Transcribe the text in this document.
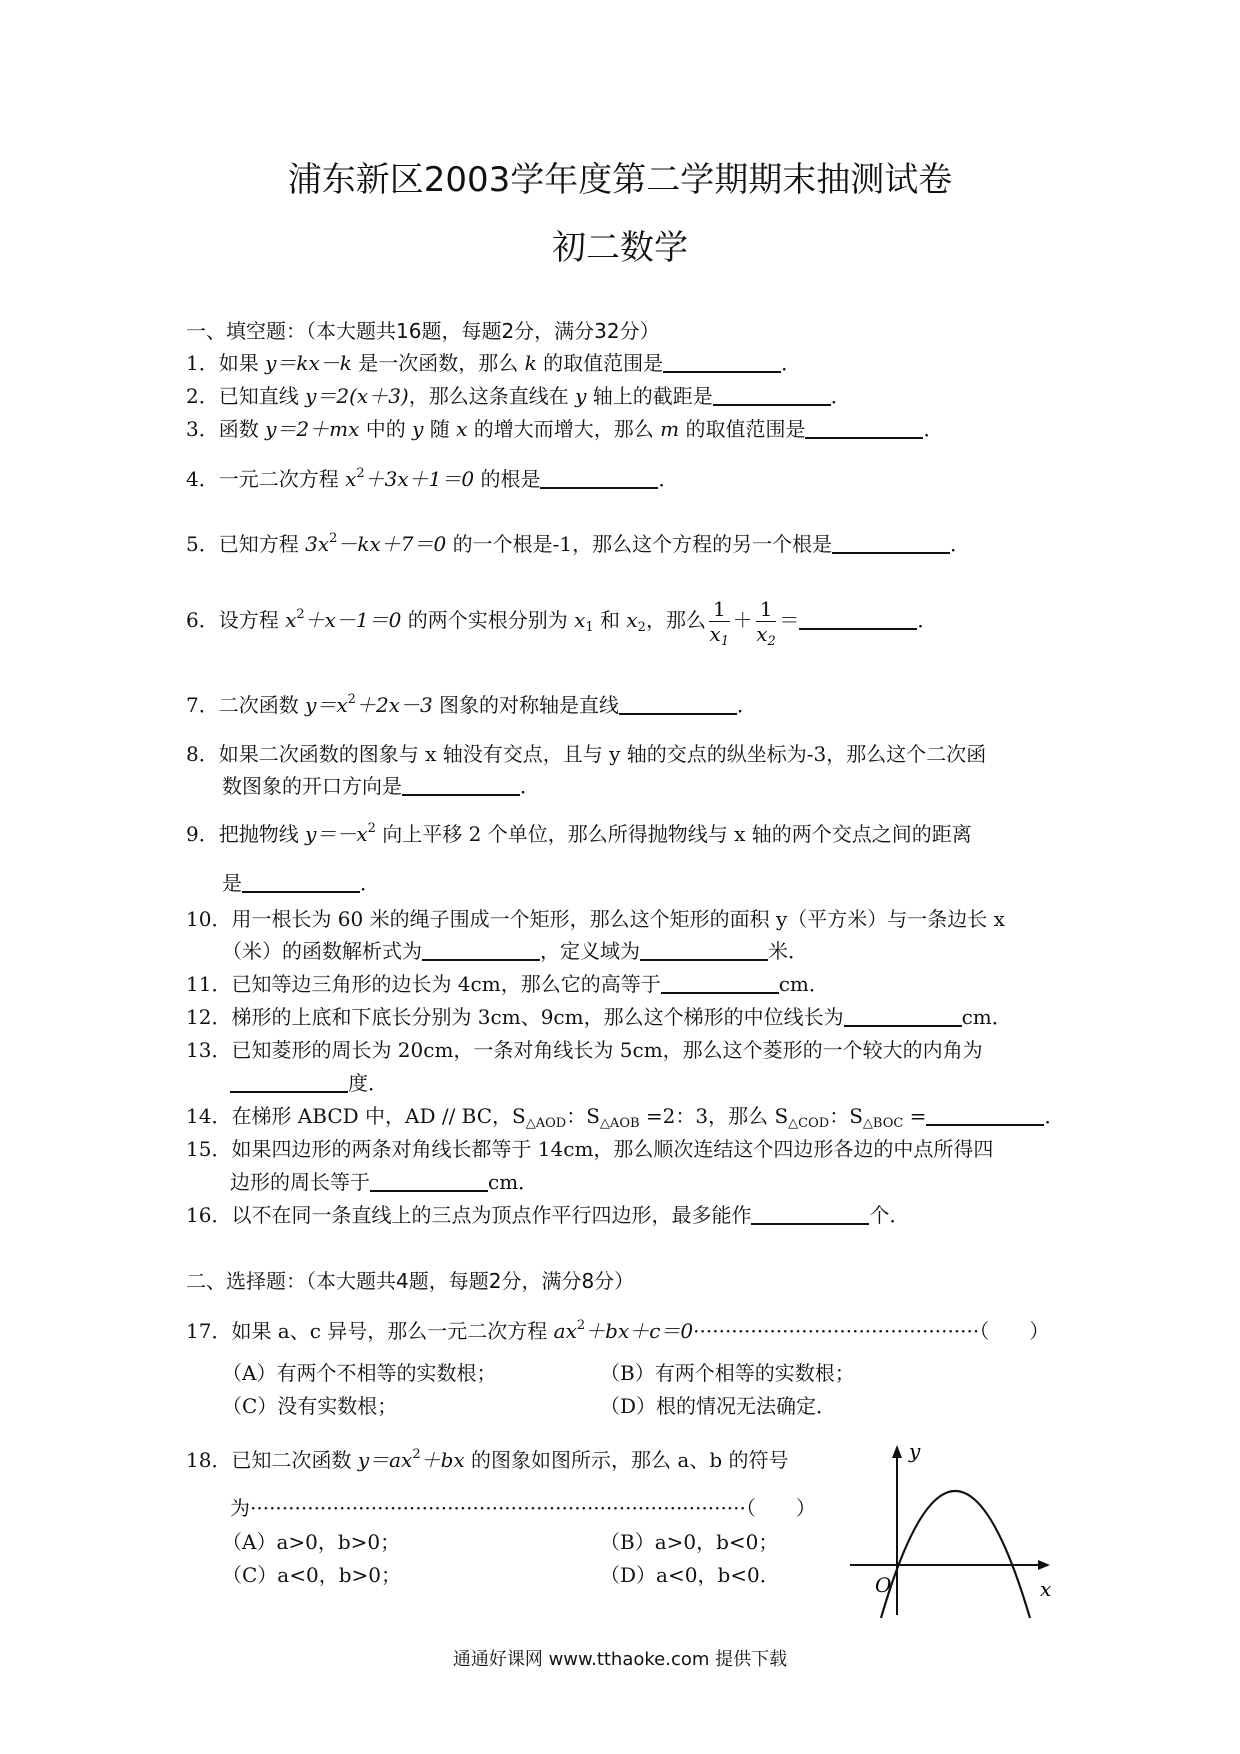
浦东新区2003学年度第二学期期末抽测试卷
初二数学
一、填空题：（本大题共16题，每题2分，满分32分）
1．如果 y＝kx－k 是一次函数，那么 k 的取值范围是	．
2．已知直线 y＝2(x＋3)，那么这条直线在 y 轴上的截距是	．
3．函数 y＝2＋mx 中的 y 随 x 的增大而增大，那么 m 的取值范围是	．
4．一元二次方程 $x^2+3x+1=0$ 的根是	．
5．已知方程 $3x^2-kx+7=0$ 的一个根是-1，那么这个方程的另一个根是	．
6．设方程 $x^2+x-1=0$ 的两个实根分别为 $x_1$ 和 $x_2$，那么 $\frac{1}{x_1} + \frac{1}{x_2}$ ＝	．
7．二次函数 $y=x^2+2x-3$ 图象的对称轴是直线	．
8．如果二次函数的图象与 x 轴没有交点，且与 y 轴的交点的纵坐标为-3，那么这个二次函
数图象的开口方向是	．
9．把抛物线 $y=-x^2$ 向上平移 2 个单位，那么所得抛物线与 x 轴的两个交点之间的距离
是	．
10．用一根长为 60 米的绳子围成一个矩形，那么这个矩形的面积 y（平方米）与一条边长 x
（米）的函数解析式为	，定义域为	米．
11．已知等边三角形的边长为 4cm，那么它的高等于	cm．
12．梯形的上底和下底长分别为 3cm、9cm，那么这个梯形的中位线长为	cm．
13．已知菱形的周长为 20cm，一条对角线长为 5cm，那么这个菱形的一个较大的内角为
度．
14．在梯形 ABCD 中，AD // BC，$S_{\triangle AOD}$：$S_{\triangle AOB} =2$：3，那么 $S_{\triangle COD}$：$S_{\triangle BOC}$ =	．
15．如果四边形的两条对角线长都等于 14cm，那么顺次连结这个四边形各边的中点所得四
边形的周长等于	cm．
16．以不在同一条直线上的三点为顶点作平行四边形，最多能作	个．
二、选择题：（本大题共4题，每题2分，满分8分）
17．如果 a、c 异号，那么一元二次方程 $ax^2+bx+c=0\cdot\cdot\cdot\cdot\cdot\cdot\cdot\cdot\cdot\cdot\cdot\cdot\cdot\cdot\cdot\cdot\cdot\cdot\cdot\cdot\cdot\cdot\cdot\cdot\cdot\cdot\cdot\cdot\cdot\cdot\cdot\cdot\cdot\cdot\cdot\cdot\cdot\cdot\cdot\cdot\cdot\cdot\cdot\cdot\cdot$（　　）
（A）有两个不相等的实数根；	（B）有两个相等的实数根；
（C）没有实数根；	（D）根的情况无法确定．
18．已知二次函数 $y=ax^2+bx$ 的图象如图所示，那么 a、b 的符号
为··············································································（　　）
（A）a>0，b>0；	（B）a>0，b<0；
（C）a<0，b>0；	（D）a<0，b<0．
y
x
O
通通好课网 www.tthaoke.com 提供下载
